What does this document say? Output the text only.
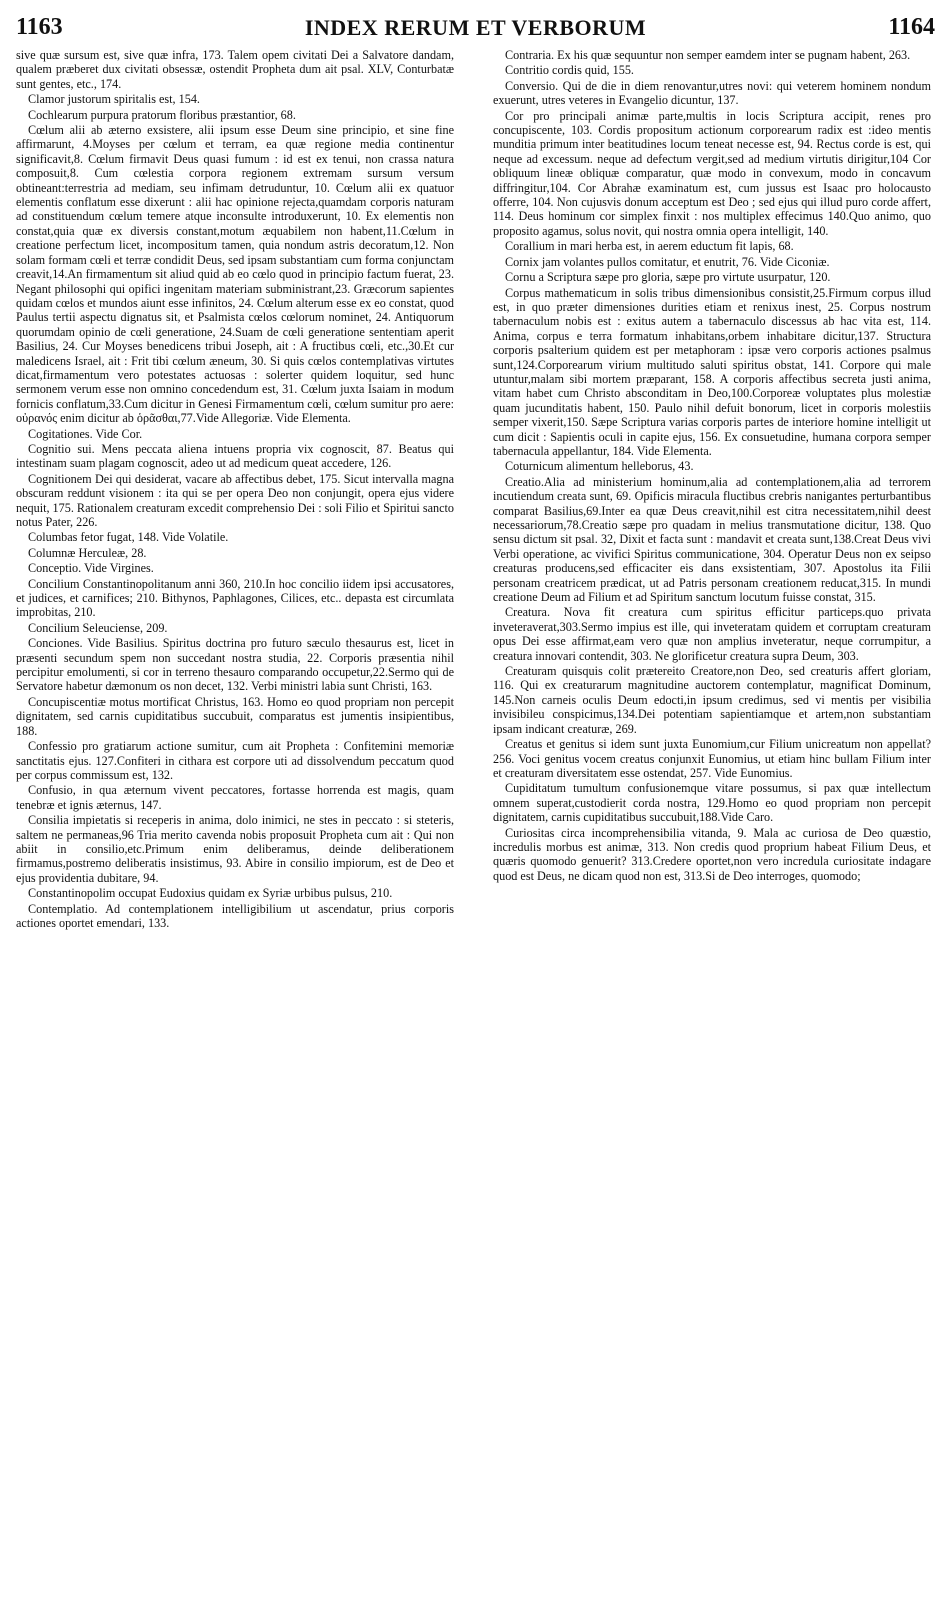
1163	INDEX RERUM ET VERBORUM	1164

sive quæ sursum est, sive quæ infra, 173. Talem opem civitati Dei a Salvatore dandam, qualem præberet dux civitati obsessæ, ostendit Propheta dum ait psal. XLV, Conturbatæ sunt gentes, etc., 174.

Clamor justorum spiritalis est, 154.

Cochlearum purpura pratorum floribus præstantior, 68.

Cœlum alii ab æterno exsistere, alii ipsum esse Deum sine principio, et sine fine affirmarunt, 4.Moyses per cœlum et terram, ea quæ regione media continentur significavit,8. Cœlum firmavit Deus quasi fumum : id est ex tenui, non crassa natura composuit,8. Cum cœlestia corpora regionem extremam sursum versum obtineant:terrestria ad mediam, seu infimam detruduntur, 10. Cœlum alii ex quatuor elementis conflatum esse dixerunt : alii hac opinione rejecta,quamdam corporis naturam ad constituendum cœlum temere atque inconsulte introduxerunt, 10. Ex elementis non constat,quia quæ ex diversis constant,motum æquabilem non habent,11.Cœlum in creatione perfectum licet, incompositum tamen, quia nondum astris decoratum,12. Non solam formam cœli et terræ condidit Deus, sed ipsam substantiam cum forma conjunctam creavit,14.An firmamentum sit aliud quid ab eo cœlo quod in principio factum fuerat, 23. Negant philosophi qui opifici ingenitam materiam subministrant,23. Græcorum sapientes quidam cœlos et mundos aiunt esse infinitos, 24. Cœlum alterum esse ex eo constat, quod Paulus tertii aspectu dignatus sit, et Psalmista cœlos cœlorum nominet, 24. Antiquorum quorumdam opinio de cœli generatione, 24.Suam de cœli generatione sententiam aperit Basilius, 24. Cur Moyses benedicens tribui Joseph, ait : A fructibus cœli, etc.,30.Et cur maledicens Israel, ait : Frit tibi cœlum æneum, 30. Si quis cœlos contemplativas virtutes dicat,firmamentum vero potestates actuosas : solerter quidem loquitur, sed hunc sermonem verum esse non omnino concedendum est, 31. Cœlum juxta Isaiam in modum fornicis conflatum,33.Cum dicitur in Genesi Firmamentum cœli, cœlum sumitur pro aere: οὐρανός enim dicitur ab ὁρᾶσθαι,77.Vide Allegoriæ. Vide Elementa.

Cogitationes. Vide Cor.

Cognitio sui. Mens peccata aliena intuens propria vix cognoscit, 87. Beatus qui intestinam suam plagam cognoscit, adeo ut ad medicum queat accedere, 126.

Cognitionem Dei qui desiderat, vacare ab affectibus debet, 175. Sicut intervalla magna obscuram reddunt visionem : ita qui se per opera Deo non conjungit, opera ejus videre nequit, 175. Rationalem creaturam excedit comprehensio Dei : soli Filio et Spiritui sancto notus Pater, 226.

Columbas fetor fugat, 148. Vide Volatile.

Columnæ Herculeæ, 28.

Conceptio. Vide Virgines.

Concilium Constantinopolitanum anni 360, 210.In hoc concilio iidem ipsi accusatores, et judices, et carnifices; 210. Bithynos, Paphlagones, Cilices, etc.. depasta est circumlata improbitas, 210.

Concilium Seleuciense, 209.

Conciones. Vide Basilius. Spiritus doctrina pro futuro sæculo thesaurus est, licet in præsenti secundum spem non succedant nostra studia, 22. Corporis præsentia nihil percipitur emolumenti, si cor in terreno thesauro comparando occupetur,22.Sermo qui de Servatore habetur dæmonum os non decet, 132. Verbi ministri labia sunt Christi, 163.

Concupiscentiæ motus mortificat Christus, 163. Homo eo quod propriam non percepit dignitatem, sed carnis cupiditatibus succubuit, comparatus est jumentis insipientibus, 188.

Confessio pro gratiarum actione sumitur, cum ait Propheta : Confitemini memoriæ sanctitatis ejus. 127.Confiteri in cithara est corpore uti ad dissolvendum peccatum quod per corpus commissum est, 132.

Confusio, in qua æternum vivent peccatores, fortasse horrenda est magis, quam tenebræ et ignis æternus, 147.

Consilia impietatis si receperis in anima, dolo inimici, ne stes in peccato : si steteris, saltem ne permaneas,96 Tria merito cavenda nobis proposuit Propheta cum ait : Qui non abiit in consilio,etc.Primum enim deliberamus, deinde deliberationem firmamus,postremo deliberatis insistimus, 93. Abire in consilio impiorum, est de Deo et ejus providentia dubitare, 94.

Constantinopolim occupat Eudoxius quidam ex Syriæ urbibus pulsus, 210.

Contemplatio. Ad contemplationem intelligibilium ut ascendatur, prius corporis actiones oportet emendari, 133.

Contraria. Ex his quæ sequuntur non semper eamdem inter se pugnam habent, 263.

Contritio cordis quid, 155.

Conversio. Qui de die in diem renovantur,utres novi: qui veterem hominem nondum exuerunt, utres veteres in Evangelio dicuntur, 137.

Cor pro principali animæ parte,multis in locis Scriptura accipit, renes pro concupiscente, 103. Cordis propositum actionum corporearum radix est :ideo mentis munditia primum inter beatitudines locum teneat necesse est, 94. Rectus corde is est, qui neque ad excessum. neque ad defectum vergit,sed ad medium virtutis dirigitur,104 Cor obliquum lineæ obliquæ comparatur, quæ modo in convexum, modo in concavum diffringitur,104. Cor Abrahæ examinatum est, cum jussus est Isaac pro holocausto offerre, 104. Non cujusvis donum acceptum est Deo ; sed ejus qui illud puro corde affert, 114. Deus hominum cor simplex finxit : nos multiplex effecimus 140.Quo animo, quo proposito agamus, solus novit, qui nostra omnia opera intelligit, 140.

Corallium in mari herba est, in aerem eductum fit lapis, 68.

Cornix jam volantes pullos comitatur, et enutrit, 76. Vide Ciconiæ.

Cornu a Scriptura sæpe pro gloria, sæpe pro virtute usurpatur, 120.

Corpus mathematicum in solis tribus dimensionibus consistit,25.Firmum corpus illud est, in quo præter dimensiones durities etiam et renixus inest, 25. Corpus nostrum tabernaculum nobis est : exitus autem a tabernaculo discessus ab hac vita est, 114. Anima, corpus e terra formatum inhabitans,orbem inhabitare dicitur,137. Structura corporis psalterium quidem est per metaphoram : ipsæ vero corporis actiones psalmus sunt,124.Corporearum virium multitudo saluti spiritus obstat, 141. Corpore qui male utuntur,malam sibi mortem præparant, 158. A corporis affectibus secreta justi anima, vitam habet cum Christo absconditam in Deo,100.Corporeæ voluptates plus molestiæ quam jucunditatis habent, 150. Paulo nihil defuit bonorum, licet in corporis molestiis semper vixerit,150. Sæpe Scriptura varias corporis partes de interiore homine intelligit ut cum dicit : Sapientis oculi in capite ejus, 156. Ex consuetudine, humana corpora semper tabernacula appellantur, 184. Vide Elementa.

Coturnicum alimentum helleborus, 43.

Creatio.Alia ad ministerium hominum,alia ad contemplationem,alia ad terrorem incutiendum creata sunt, 69. Opificis miracula fluctibus crebris nanigantes perturbantibus comparat Basilius,69.Inter ea quæ Deus creavit,nihil est citra necessitatem,nihil deest necessariorum,78.Creatio sæpe pro quadam in melius transmutatione dicitur, 138. Quo sensu dictum sit psal. 32, Dixit et facta sunt : mandavit et creata sunt,138.Creat Deus vivi Verbi operatione, ac vivifici Spiritus communicatione, 304. Operatur Deus non ex seipso creaturas producens,sed efficaciter eis dans exsistentiam, 307. Apostolus ita Filii personam creatricem prædicat, ut ad Patris personam creationem reducat,315. In mundi creatione Deum ad Filium et ad Spiritum sanctum locutum fuisse constat, 315.

Creatura. Nova fit creatura cum spiritus efficitur particeps.quo privata inveteraverat,303.Sermo impius est ille, qui inveteratam quidem et corruptam creaturam opus Dei esse affirmat,eam vero quæ non amplius inveteratur, neque corrumpitur, a creatura innovari contendit, 303. Ne glorificetur creatura supra Deum, 303.

Creaturam quisquis colit prætereito Creatore,non Deo, sed creaturis affert gloriam, 116. Qui ex creaturarum magnitudine auctorem contemplatur, magnificat Dominum, 145.Non carneis oculis Deum edocti,in ipsum credimus, sed vi mentis per visibilia invisibileu conspicimus,134.Dei potentiam sapientiamque et artem,non substantiam ipsam indicant creaturæ, 269.

Creatus et genitus si idem sunt juxta Eunomium,cur Filium unicreatum non appellat? 256. Voci genitus vocem creatus conjunxit Eunomius, ut etiam hinc bullam Filium inter et creaturam diversitatem esse ostendat, 257. Vide Eunomius.

Cupiditatum tumultum confusionemque vitare possumus, si pax quæ intellectum omnem superat,custodierit corda nostra, 129.Homo eo quod propriam non percepit dignitatem, carnis cupiditatibus succubuit,188.Vide Caro.

Curiositas circa incomprehensibilia vitanda, 9. Mala ac curiosa de Deo quæstio, incredulis morbus est animæ, 313. Non credis quod proprium habeat Filium Deus, et quæris quomodo genuerit? 313.Credere oportet,non vero incredula curiositate indagare quod est Deus, ne dicam quod non est, 313.Si de Deo interroges, quomodo;
